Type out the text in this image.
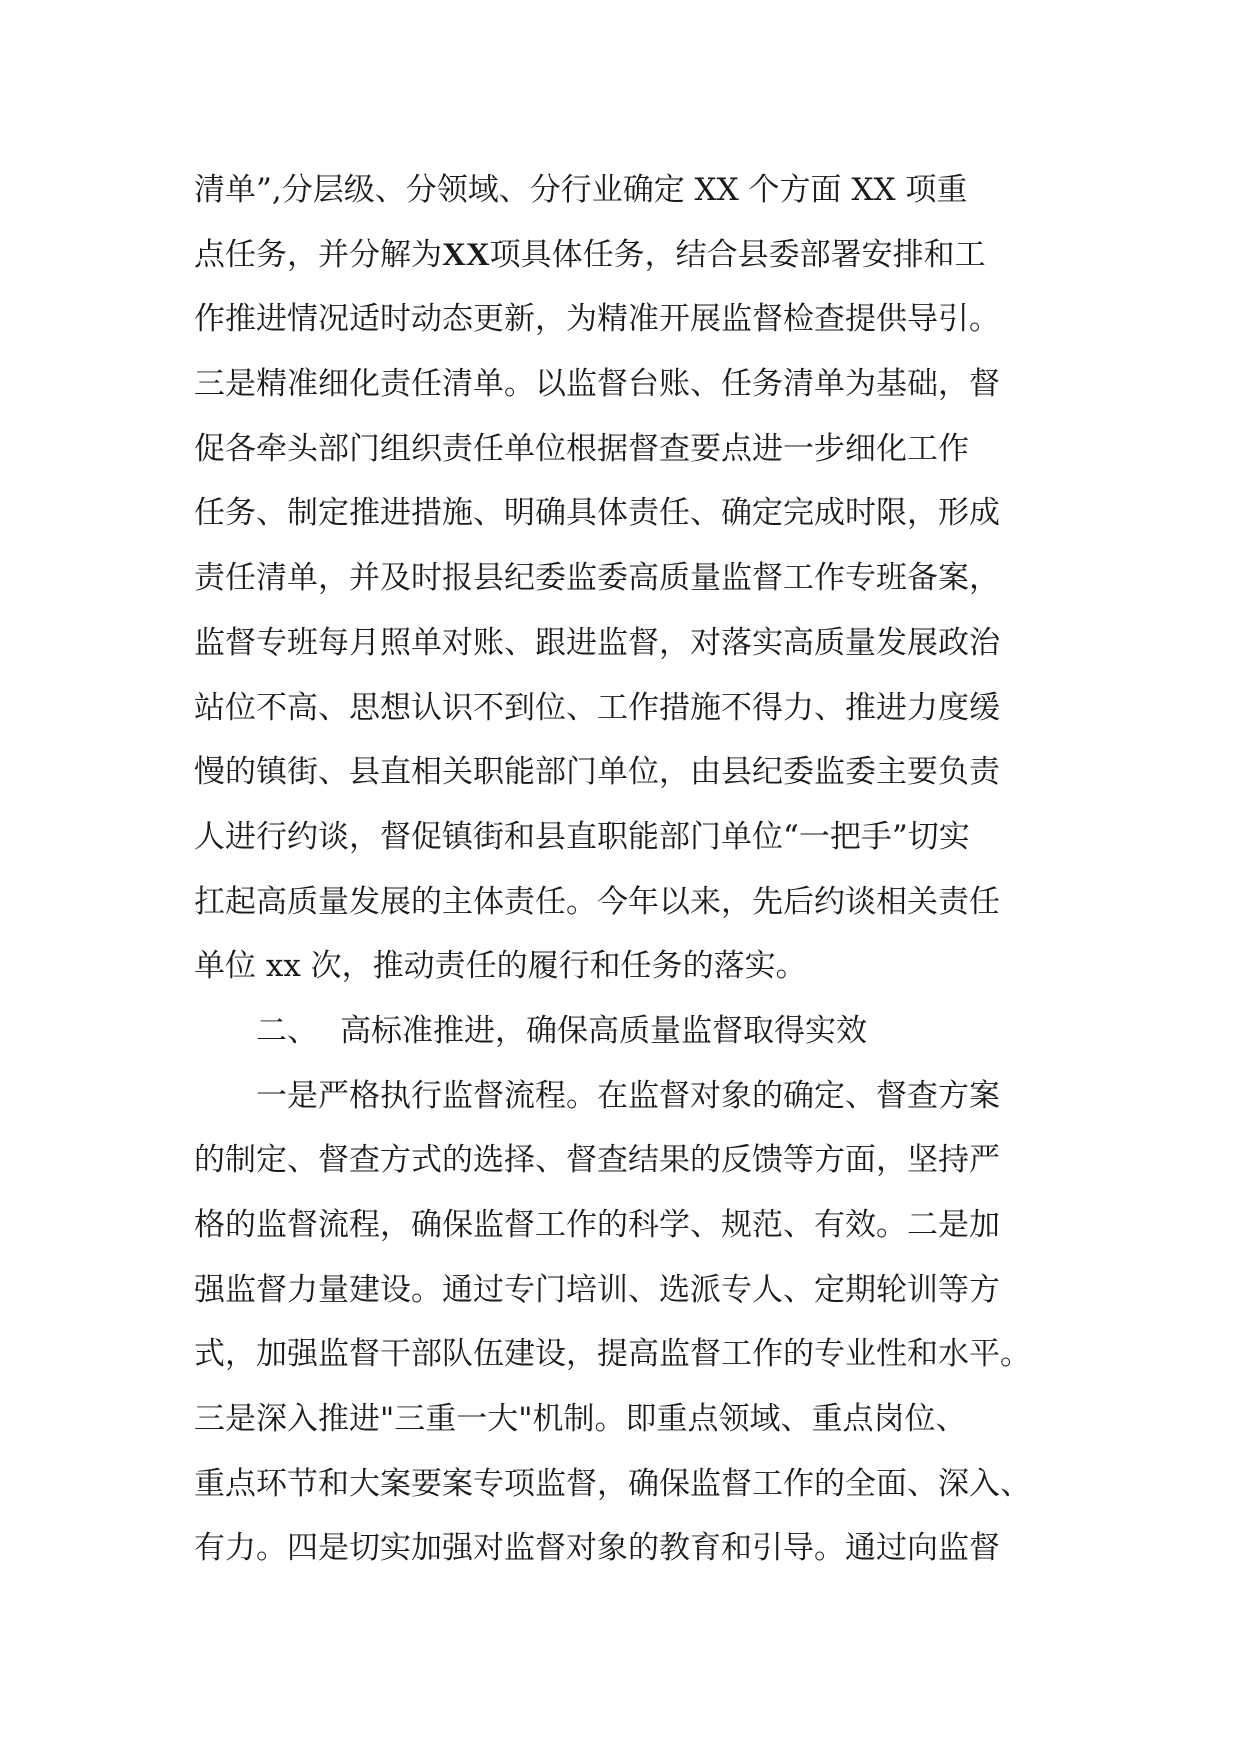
清单”,分层级、分领域、分行业确定 XX 个方面 XX 项重
点任务，并分解为 XX 项具体任务，结合县委部署安排和工
作推进情况适时动态更新，为精准开展监督检查提供导引。
三是精准细化责任清单。以监督台账、任务清单为基础，督
促各牵头部门组织责任单位根据督查要点进一步细化工作
任务、制定推进措施、明确具体责任、确定完成时限，形成
责任清单，并及时报县纪委监委高质量监督工作专班备案，
监督专班每月照单对账、跟进监督，对落实高质量发展政治
站位不高、思想认识不到位、工作措施不得力、推进力度缓
慢的镇街、县直相关职能部门单位，由县纪委监委主要负责
人进行约谈，督促镇街和县直职能部门单位“一把手”切实
扛起高质量发展的主体责任。今年以来，先后约谈相关责任
单位 xx 次，推动责任的履行和任务的落实。
二、 高标准推进，确保高质量监督取得实效
一是严格执行监督流程。在监督对象的确定、督查方案
的制定、督查方式的选择、督查结果的反馈等方面，坚持严
格的监督流程，确保监督工作的科学、规范、有效。二是加
强监督力量建设。通过专门培训、选派专人、定期轮训等方
式，加强监督干部队伍建设，提高监督工作的专业性和水平。
三是深入推进"三重一大"机制。即重点领域、重点岗位、
重点环节和大案要案专项监督，确保监督工作的全面、深入、
有力。四是切实加强对监督对象的教育和引导。通过向监督
